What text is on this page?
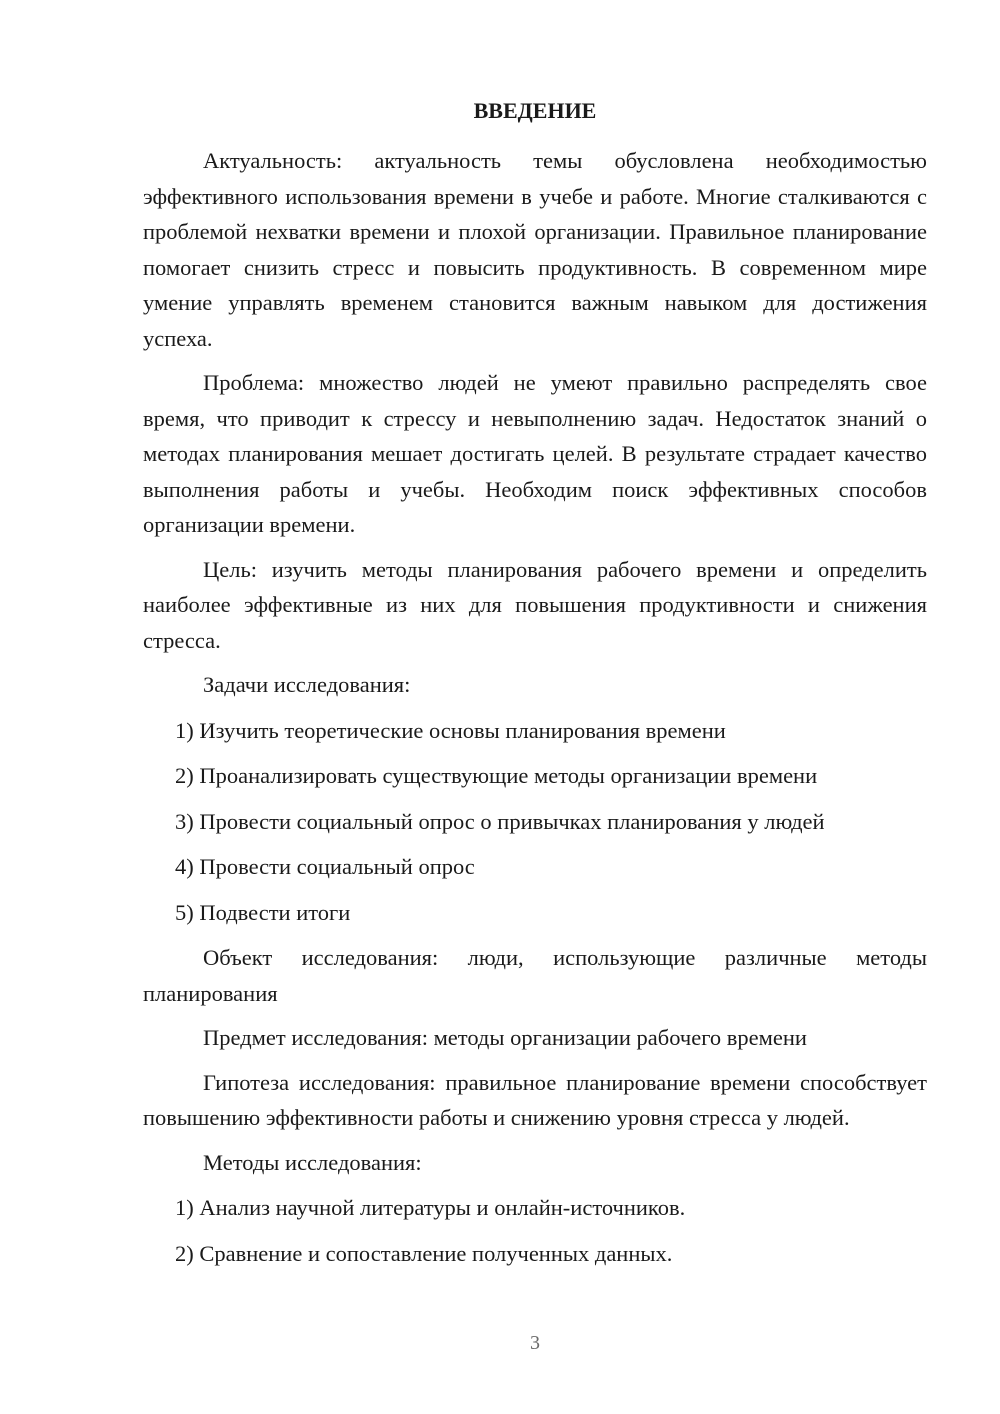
ВВЕДЕНИЕ
Актуальность: актуальность темы обусловлена необходимостью эффективного использования времени в учебе и работе. Многие сталкиваются с проблемой нехватки времени и плохой организации. Правильное планирование помогает снизить стресс и повысить продуктивность. В современном мире умение управлять временем становится важным навыком для достижения успеха.
Проблема: множество людей не умеют правильно распределять свое время, что приводит к стрессу и невыполнению задач. Недостаток знаний о методах планирования мешает достигать целей. В результате страдает качество выполнения работы и учебы. Необходим поиск эффективных способов организации времени.
Цель: изучить методы планирования рабочего времени и определить наиболее эффективные из них для повышения продуктивности и снижения стресса.
Задачи исследования:
1) Изучить теоретические основы планирования времени
2) Проанализировать существующие методы организации времени
3) Провести социальный опрос о привычках планирования у людей
4) Провести социальный опрос
5) Подвести итоги
Объект исследования: люди, использующие различные методы планирования
Предмет исследования: методы организации рабочего времени
Гипотеза исследования: правильное планирование времени способствует повышению эффективности работы и снижению уровня стресса у людей.
Методы исследования:
1) Анализ научной литературы и онлайн-источников.
2) Сравнение и сопоставление полученных данных.
3
